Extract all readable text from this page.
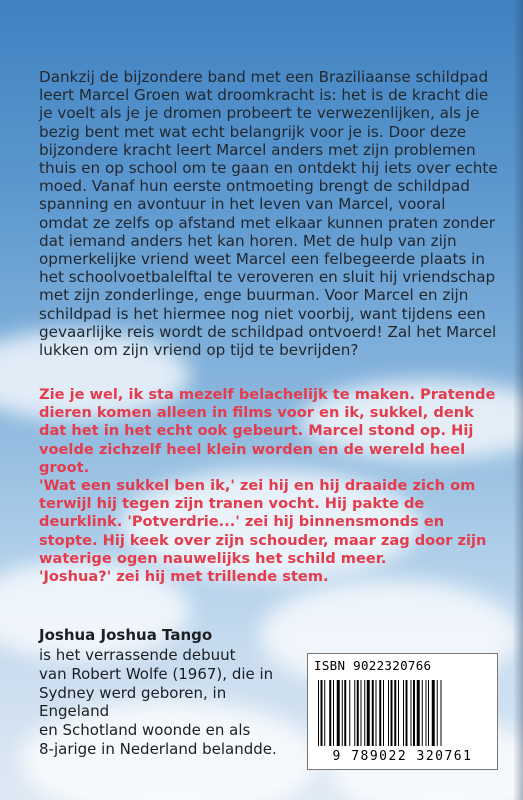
Dankzij de bijzondere band met een Braziliaanse schildpad leert Marcel Groen wat droomkracht is: het is de kracht die je voelt als je je dromen probeert te verwezenlijken, als je bezig bent met wat echt belangrijk voor je is. Door deze bijzondere kracht leert Marcel anders met zijn problemen thuis en op school om te gaan en ontdekt hij iets over echte moed. Vanaf hun eerste ontmoeting brengt de schildpad spanning en avontuur in het leven van Marcel, vooral omdat ze zelfs op afstand met elkaar kunnen praten zonder dat iemand anders het kan horen. Met de hulp van zijn opmerkelijke vriend weet Marcel een felbegeerde plaats in het schoolvoetbalelftal te veroveren en sluit hij vriendschap met zijn zonderlinge, enge buurman. Voor Marcel en zijn schildpad is het hiermee nog niet voorbij, want tijdens een gevaarlijke reis wordt de schildpad ontvoerd! Zal het Marcel lukken om zijn vriend op tijd te bevrijden?

Zie je wel, ik sta mezelf belachelijk te maken. Pratende dieren komen alleen in films voor en ik, sukkel, denk dat het in het echt ook gebeurt. Marcel stond op. Hij voelde zichzelf heel klein worden en de wereld heel groot.
'Wat een sukkel ben ik,' zei hij en hij draaide zich om terwijl hij tegen zijn tranen vocht. Hij pakte de deurklink. 'Potverdrie...' zei hij binnensmonds en stopte. Hij keek over zijn schouder, maar zag door zijn waterige ogen nauwelijks het schild meer.
'Joshua?' zei hij met trillende stem.

Joshua Joshua Tango

is het verrassende debuut
van Robert Wolfe (1967), die in
Sydney werd geboren, in Engeland
en Schotland woonde en als
8-jarige in Nederland belandde.

ISBN 9022320766
9 789022 320761
